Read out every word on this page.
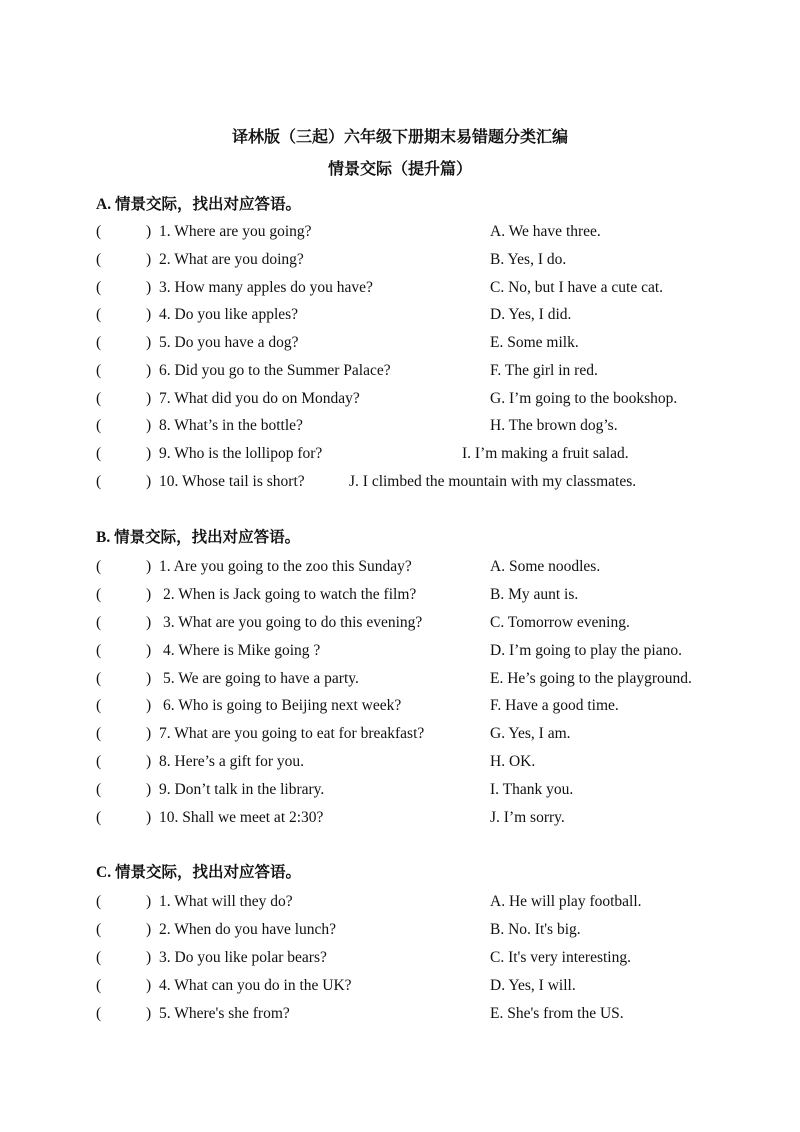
译林版（三起）六年级下册期末易错题分类汇编
情景交际（提升篇）
A. 情景交际，找出对应答语。
(	) 1. Where are you going?	A. We have three.
(	) 2. What are you doing?	B. Yes, I do.
(	) 3. How many apples do you have?	C. No, but I have a cute cat.
(	) 4. Do you like apples?	D. Yes, I did.
(	) 5. Do you have a dog?	E. Some milk.
(	) 6. Did you go to the Summer Palace?	F. The girl in red.
(	) 7. What did you do on Monday?	G. I’m going to the bookshop.
(	) 8. What’s in the bottle?	H. The brown dog’s.
(	) 9. Who is the lollipop for?	I. I’m making a fruit salad.
(	) 10. Whose tail is short?	J. I climbed the mountain with my classmates.
B. 情景交际，找出对应答语。
(	) 1. Are you going to the zoo this Sunday?	A. Some noodles.
(	) 2. When is Jack going to watch the film?	B. My aunt is.
(	) 3. What are you going to do this evening?	C. Tomorrow evening.
(	) 4. Where is Mike going ?	D. I’m going to play the piano.
(	) 5. We are going to have a party.	E. He’s going to the playground.
(	) 6. Who is going to Beijing next week?	F. Have a good time.
(	) 7. What are you going to eat for breakfast?	G. Yes, I am.
(	) 8. Here’s a gift for you.	H. OK.
(	) 9. Don’t talk in the library.	I. Thank you.
(	) 10. Shall we meet at 2:30?	J. I’m sorry.
C. 情景交际，找出对应答语。
(	) 1. What will they do?	A. He will play football.
(	) 2. When do you have lunch?	B. No. It's big.
(	) 3. Do you like polar bears?	C. It's very interesting.
(	) 4. What can you do in the UK?	D. Yes, I will.
(	) 5. Where's she from?	E. She's from the US.
